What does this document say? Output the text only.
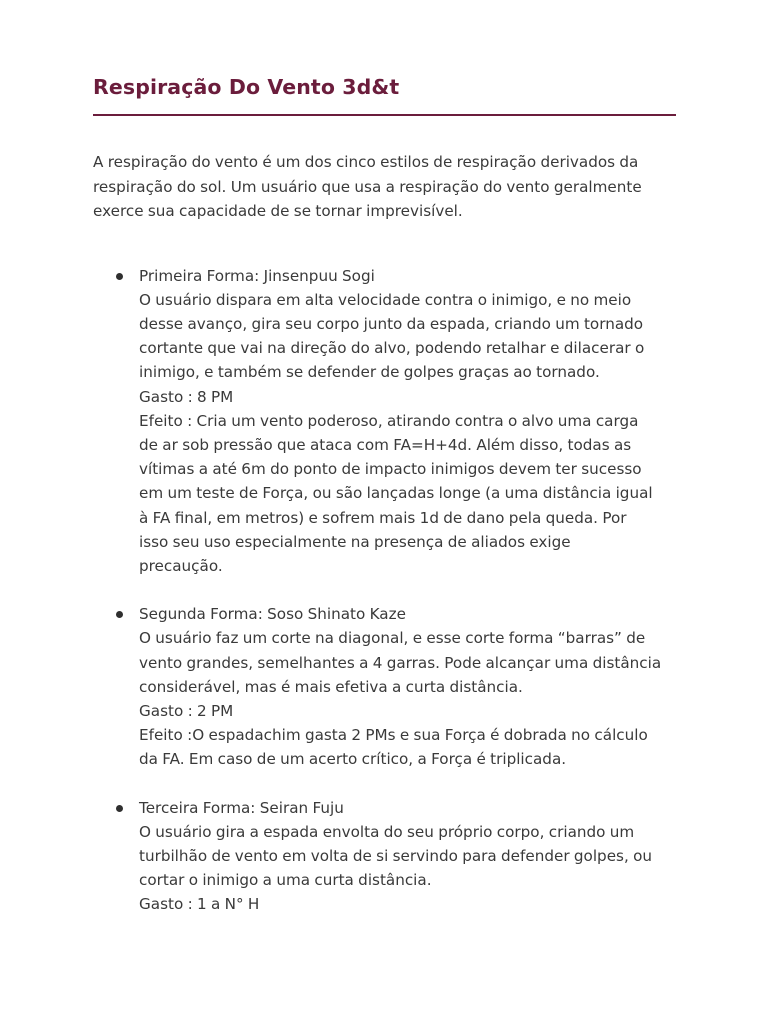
Respiração Do Vento 3d&t

A respiração do vento é um dos cinco estilos de respiração derivados da
respiração do sol. Um usuário que usa a respiração do vento geralmente
exerce sua capacidade de se tornar imprevisível.

Primeira Forma: Jinsenpuu Sogi
O usuário dispara em alta velocidade contra o inimigo, e no meio
desse avanço, gira seu corpo junto da espada, criando um tornado
cortante que vai na direção do alvo, podendo retalhar e dilacerar o
inimigo, e também se defender de golpes graças ao tornado.
Gasto : 8 PM
Efeito : Cria um vento poderoso, atirando contra o alvo uma carga
de ar sob pressão que ataca com FA=H+4d. Além disso, todas as
vítimas a até 6m do ponto de impacto inimigos devem ter sucesso
em um teste de Força, ou são lançadas longe (a uma distância igual
à FA final, em metros) e sofrem mais 1d de dano pela queda. Por
isso seu uso especialmente na presença de aliados exige
precaução.
Segunda Forma: Soso Shinato Kaze
O usuário faz um corte na diagonal, e esse corte forma “barras” de
vento grandes, semelhantes a 4 garras. Pode alcançar uma distância
considerável, mas é mais efetiva a curta distância.
Gasto : 2 PM
Efeito :O espadachim gasta 2 PMs e sua Força é dobrada no cálculo
da FA. Em caso de um acerto crítico, a Força é triplicada.
Terceira Forma: Seiran Fuju
O usuário gira a espada envolta do seu próprio corpo, criando um
turbilhão de vento em volta de si servindo para defender golpes, ou
cortar o inimigo a uma curta distância.
Gasto : 1 a N° H
